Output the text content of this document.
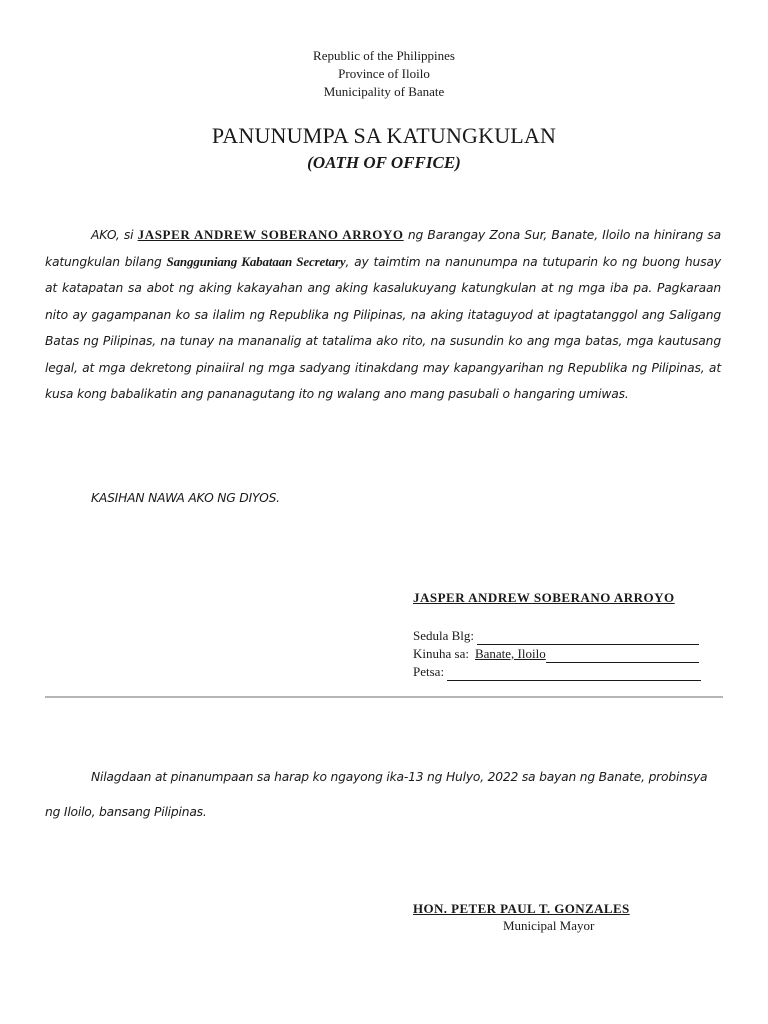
Republic of the Philippines
Province of Iloilo
Municipality of Banate
PANUNUMPA SA KATUNGKULAN
(OATH OF OFFICE)
AKO, si JASPER ANDREW SOBERANO ARROYO ng Barangay Zona Sur, Banate, Iloilo na hinirang sa katungkulan bilang Sangguniang Kabataan Secretary, ay taimtim na nanunumpa na tutuparin ko ng buong husay at katapatan sa abot ng aking kakayahan ang aking kasalukuyang katungkulan at ng mga iba pa. Pagkaraan nito ay gagampanan ko sa ilalim ng Republika ng Pilipinas, na aking itataguyod at ipagtatanggol ang Saligang Batas ng Pilipinas, na tunay na mananalig at tatalima ako rito, na susundin ko ang mga batas, mga kautusang legal, at mga dekretong pinaiiral ng mga sadyang itinakdang may kapangyarihan ng Republika ng Pilipinas, at kusa kong babalikatin ang pananagutang ito ng walang ano mang pasubali o hangaring umiwas.
KASIHAN NAWA AKO NG DIYOS.
JASPER ANDREW SOBERANO ARROYO
Sedula Blg:
Kinuha sa: Banate, Iloilo
Petsa:
Nilagdaan at pinanumpaan sa harap ko ngayong ika-13 ng Hulyo, 2022 sa bayan ng Banate, probinsya ng Iloilo, bansang Pilipinas.
HON. PETER PAUL T. GONZALES
Municipal Mayor
